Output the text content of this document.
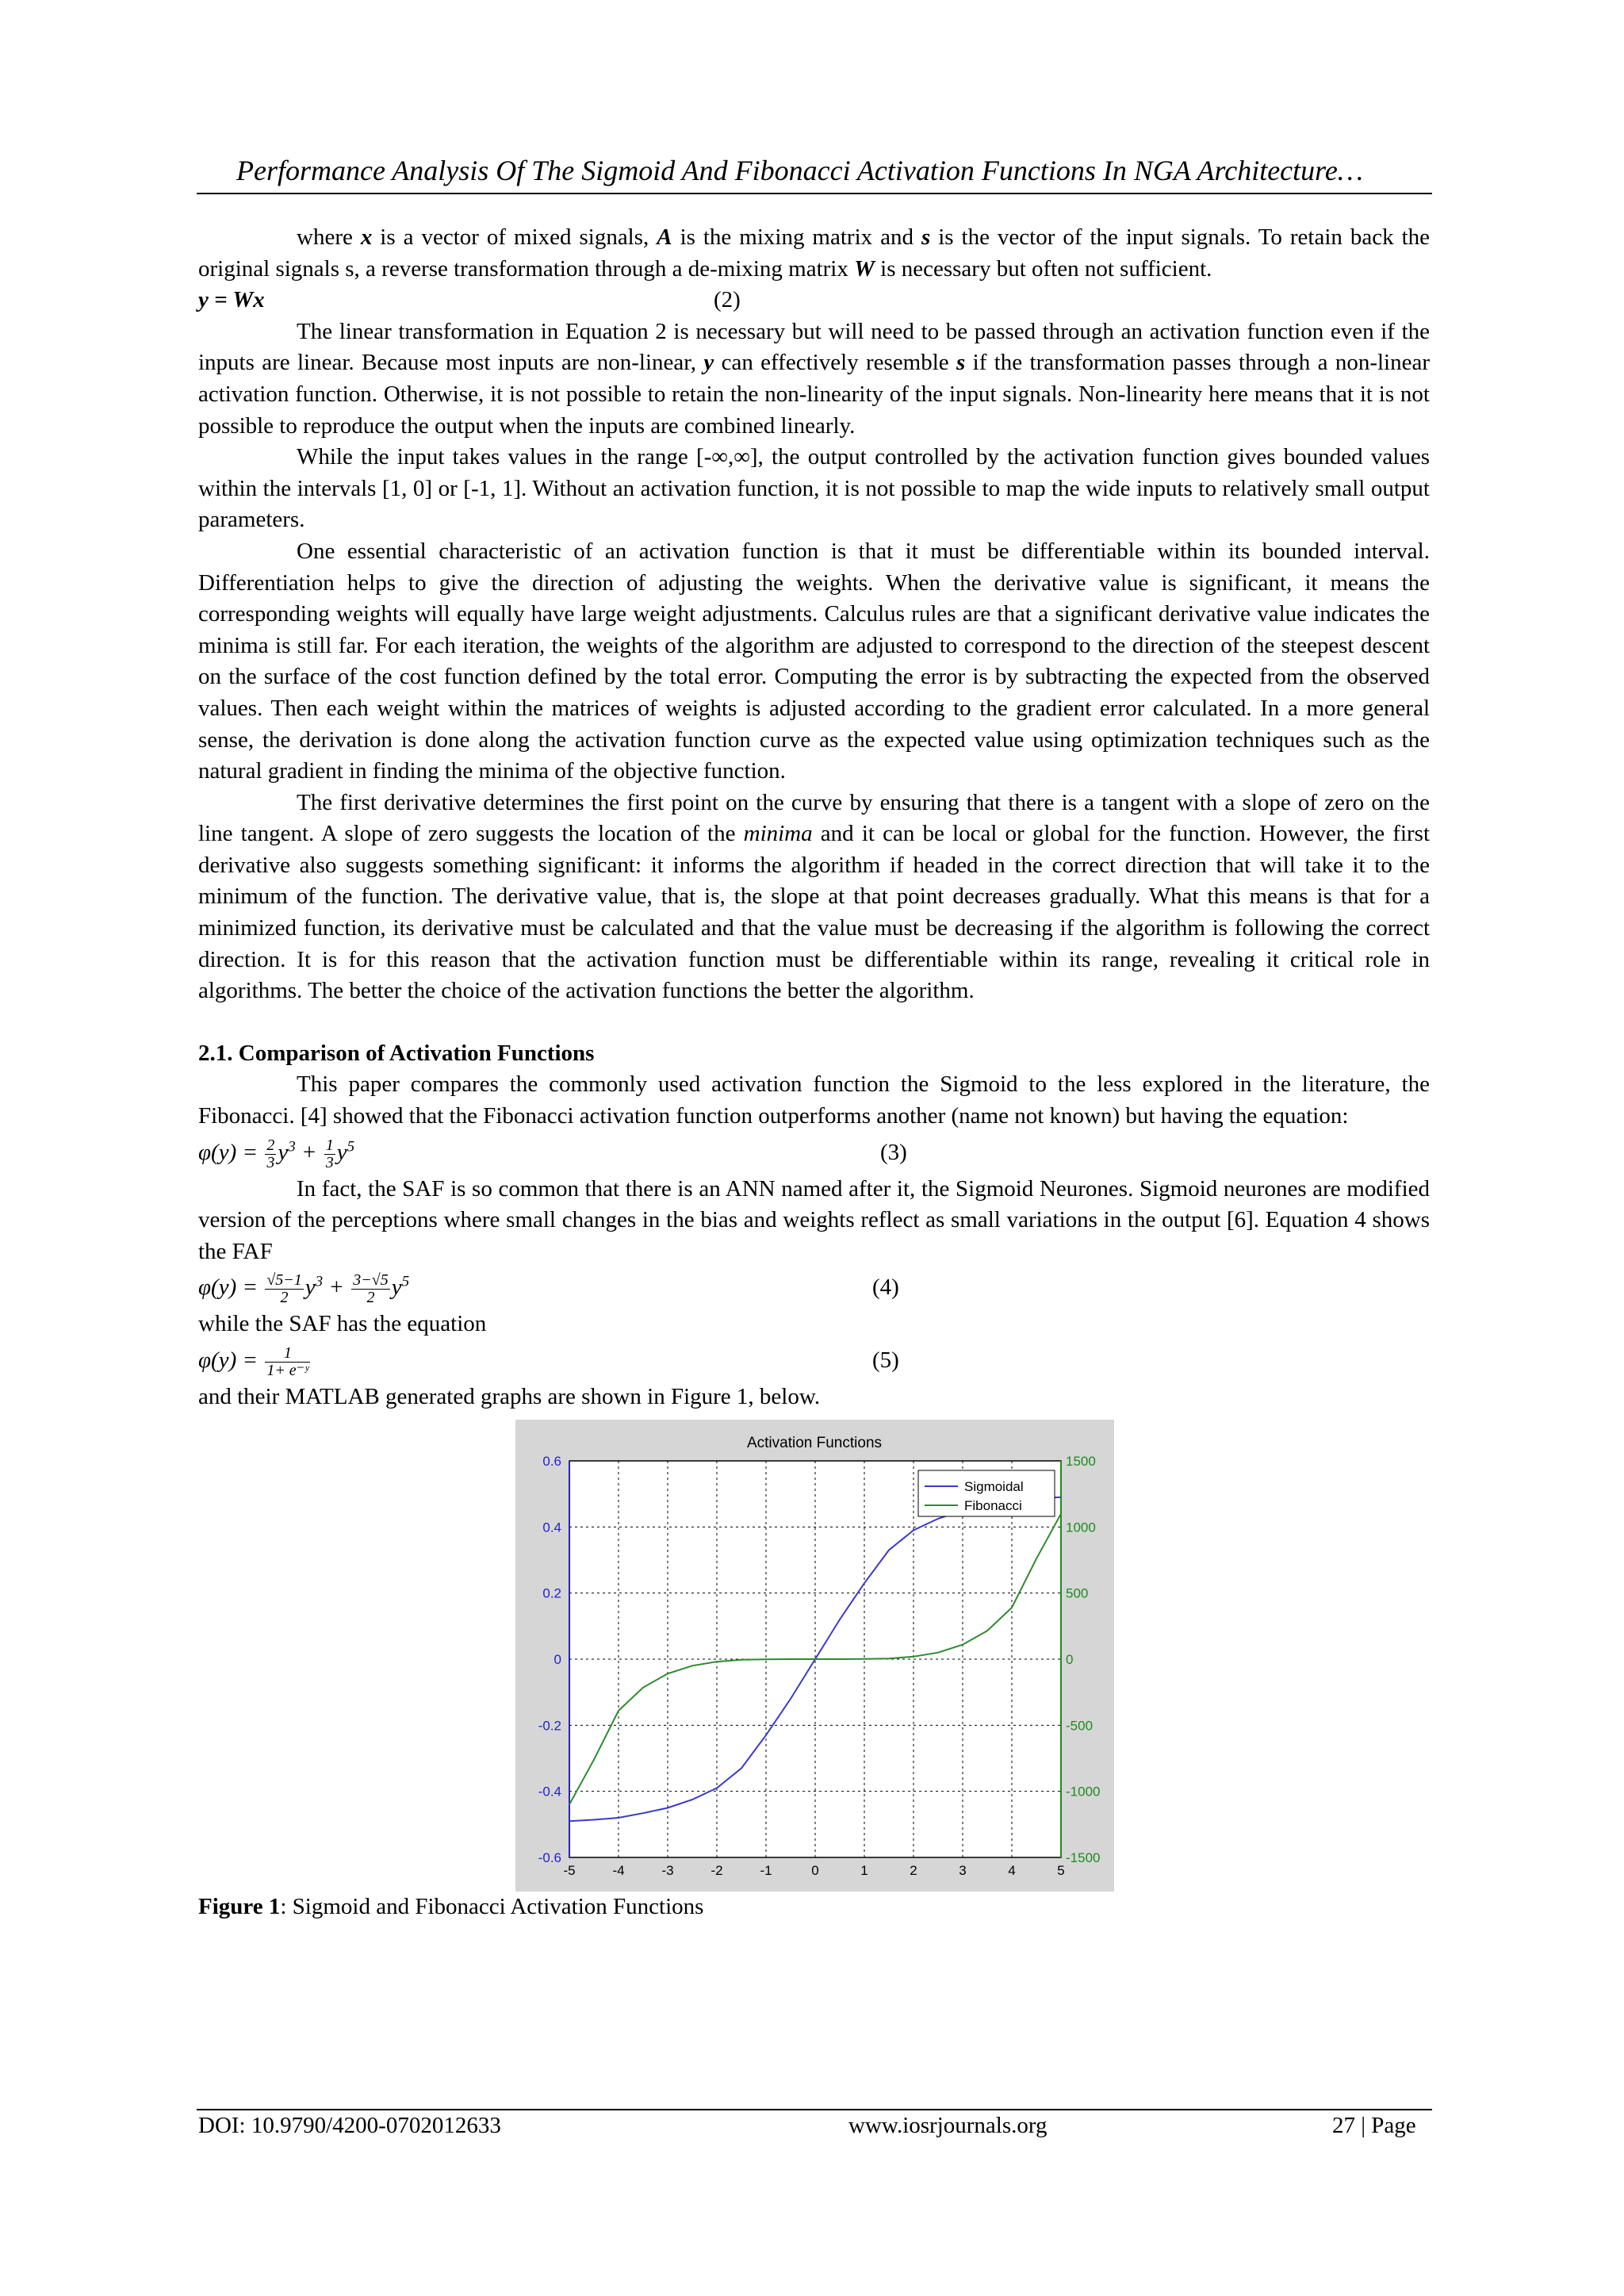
Performance Analysis Of The Sigmoid And Fibonacci Activation Functions In NGA Architecture…

where x is a vector of mixed signals, A is the mixing matrix and s is the vector of the input signals. To retain back the original signals s, a reverse transformation through a de-mixing matrix W is necessary but often not sufficient.

y = Wx	(2)

The linear transformation in Equation 2 is necessary but will need to be passed through an activation function even if the inputs are linear. Because most inputs are non-linear, y can effectively resemble s if the transformation passes through a non-linear activation function. Otherwise, it is not possible to retain the non-linearity of the input signals. Non-linearity here means that it is not possible to reproduce the output when the inputs are combined linearly.

While the input takes values in the range [-∞,∞], the output controlled by the activation function gives bounded values within the intervals [1, 0] or [-1, 1]. Without an activation function, it is not possible to map the wide inputs to relatively small output parameters.

One essential characteristic of an activation function is that it must be differentiable within its bounded interval. Differentiation helps to give the direction of adjusting the weights. When the derivative value is significant, it means the corresponding weights will equally have large weight adjustments. Calculus rules are that a significant derivative value indicates the minima is still far. For each iteration, the weights of the algorithm are adjusted to correspond to the direction of the steepest descent on the surface of the cost function defined by the total error. Computing the error is by subtracting the expected from the observed values. Then each weight within the matrices of weights is adjusted according to the gradient error calculated. In a more general sense, the derivation is done along the activation function curve as the expected value using optimization techniques such as the natural gradient in finding the minima of the objective function.

The first derivative determines the first point on the curve by ensuring that there is a tangent with a slope of zero on the line tangent. A slope of zero suggests the location of the minima and it can be local or global for the function. However, the first derivative also suggests something significant: it informs the algorithm if headed in the correct direction that will take it to the minimum of the function. The derivative value, that is, the slope at that point decreases gradually. What this means is that for a minimized function, its derivative must be calculated and that the value must be decreasing if the algorithm is following the correct direction. It is for this reason that the activation function must be differentiable within its range, revealing it critical role in algorithms. The better the choice of the activation functions the better the algorithm.

2.1. Comparison of Activation Functions

This paper compares the commonly used activation function the Sigmoid to the less explored in the literature, the Fibonacci. [4] showed that the Fibonacci activation function outperforms another (name not known) but having the equation:

$\varphi(y) = \frac{2}{3} y^3 + \frac{1}{3} y^5$	(3)

In fact, the SAF is so common that there is an ANN named after it, the Sigmoid Neurones. Sigmoid neurones are modified version of the perceptions where small changes in the bias and weights reflect as small variations in the output [6]. Equation 4 shows the FAF

$\varphi(y) = \frac{√5-1}{2} y^3 + \frac{3-√5}{2} y^5$	(4)

while the SAF has the equation

$\varphi(y) = \frac{1}{\text{1+ e⁻ʸ}}$	(5)

and their MATLAB generated graphs are shown in Figure 1, below.

Activation Functions
-5	-4	-3	-2	-1	0	1	2	3	4	5
0.6
0.4
0.2
0
-0.2
-0.4
-0.6
1500
1000
500
0
-500
-1000
-1500
Sigmoidal
Fibonacci

Figure 1: Sigmoid and Fibonacci Activation Functions

DOI: 10.9790/4200-0702012633	www.iosrjournals.org	27 | Page
